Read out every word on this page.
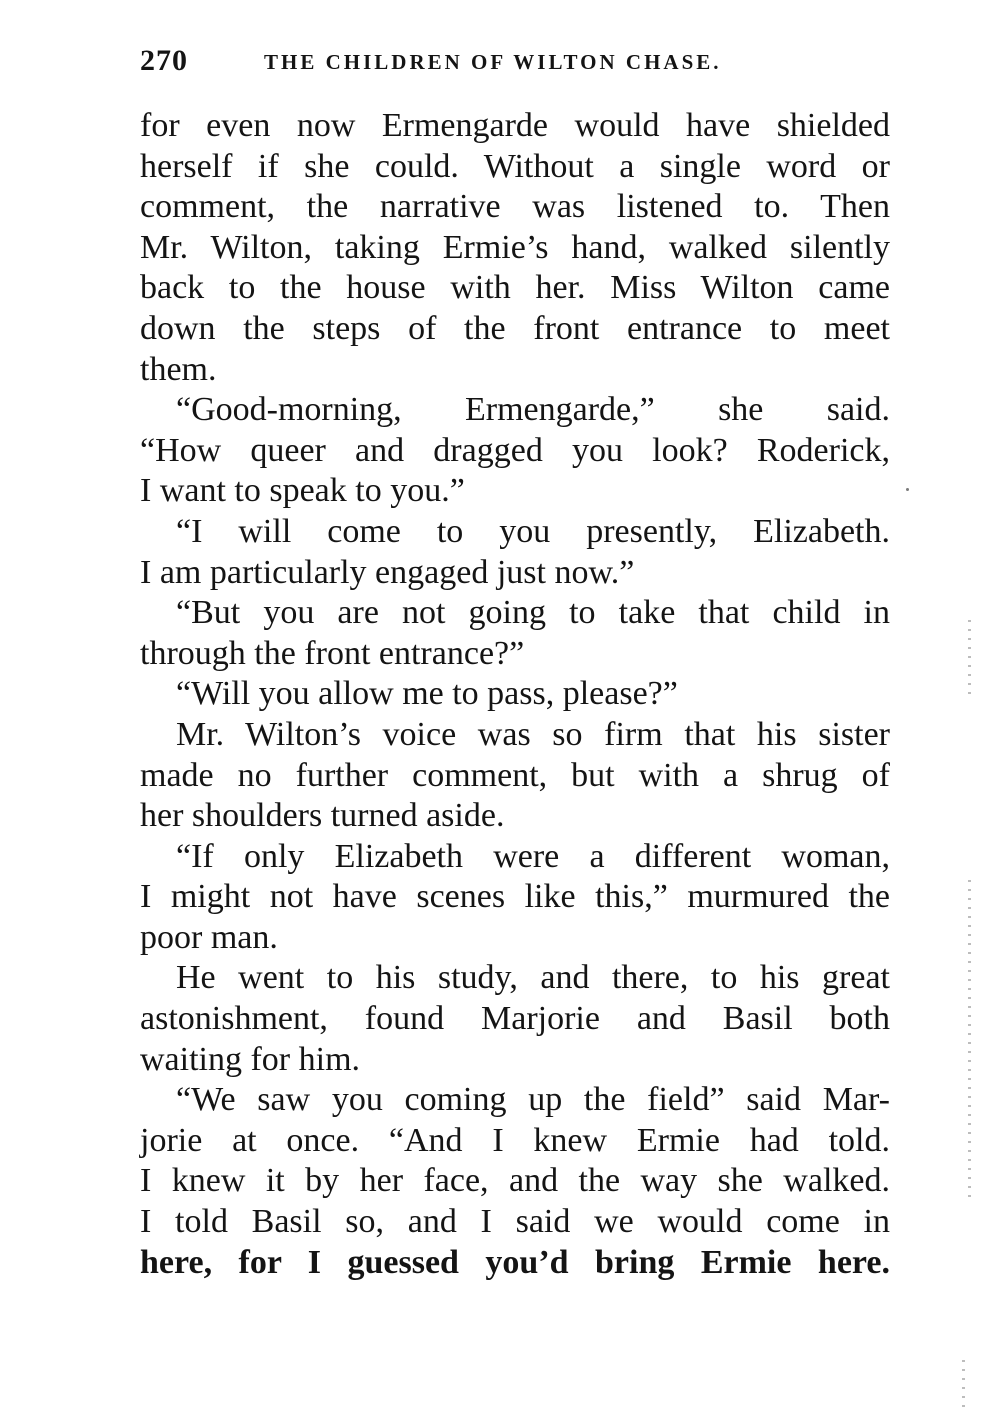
270	THE CHILDREN OF WILTON CHASE.
for even now Ermengarde would have shielded
herself if she could. Without a single word or
comment, the narrative was listened to. Then
Mr. Wilton, taking Ermie’s hand, walked silently
back to the house with her. Miss Wilton came
down the steps of the front entrance to meet
them.
“Good-morning, Ermengarde,” she said.
“How queer and dragged you look? Roderick,
I want to speak to you.”
“I will come to you presently, Elizabeth.
I am particularly engaged just now.”
“But you are not going to take that child in
through the front entrance?”
“Will you allow me to pass, please?”
Mr. Wilton’s voice was so firm that his sister
made no further comment, but with a shrug of
her shoulders turned aside.
“If only Elizabeth were a different woman,
I might not have scenes like this,” murmured the
poor man.
He went to his study, and there, to his great
astonishment, found Marjorie and Basil both
waiting for him.
“We saw you coming up the field” said Mar-
jorie at once. “And I knew Ermie had told.
I knew it by her face, and the way she walked.
I told Basil so, and I said we would come in
here, for I guessed you’d bring Ermie here.
